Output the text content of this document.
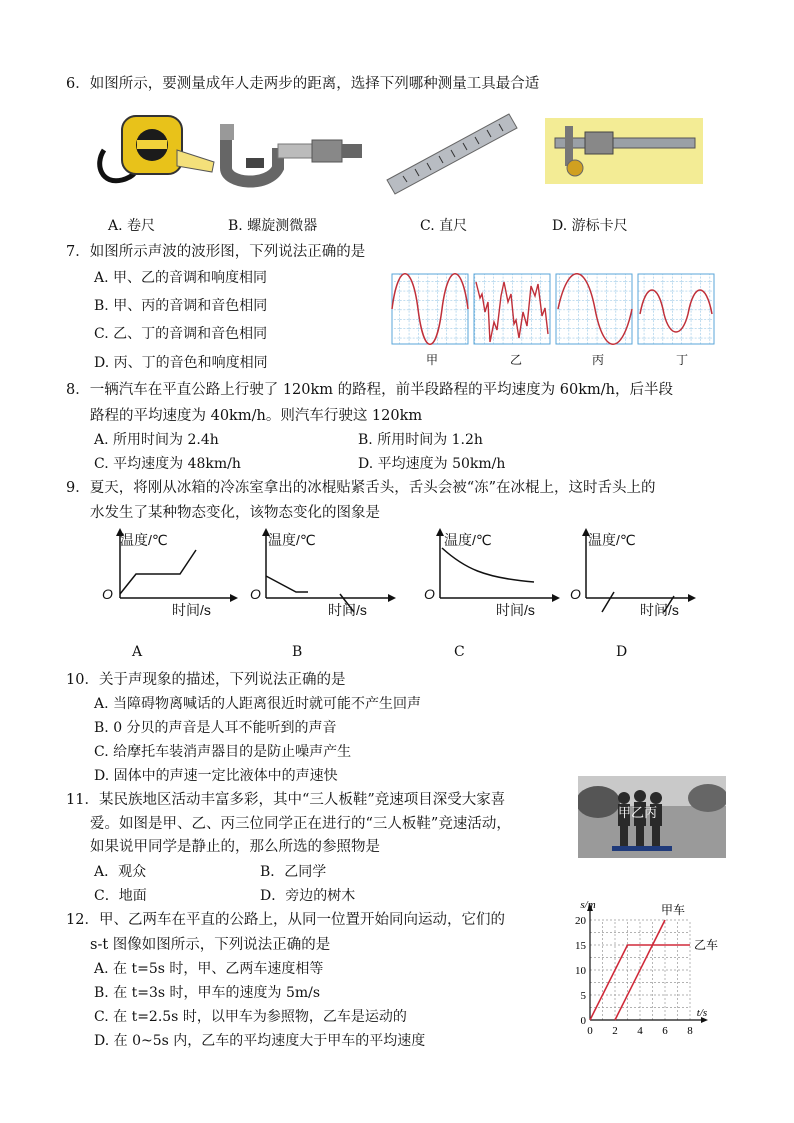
6．如图所示，要测量成年人走两步的距离，选择下列哪种测量工具最合适
A. 卷尺	B. 螺旋测微器	C. 直尺	D. 游标卡尺
7．如图所示声波的波形图，下列说法正确的是
A. 甲、乙的音调和响度相同
B. 甲、丙的音调和音色相同
C. 乙、丁的音调和音色相同
D. 丙、丁的音色和响度相同	甲	乙	丙	丁
8．一辆汽车在平直公路上行驶了 120km 的路程，前半段路程的平均速度为 60km/h，后半段
路程的平均速度为 40km/h。则汽车行驶这 120km
A. 所用时间为 2.4h	B. 所用时间为 1.2h
C. 平均速度为 48km/h	D. 平均速度为 50km/h
9．夏天，将刚从冰箱的冷冻室拿出的冰棍贴紧舌头，舌头会被“冻”在冰棍上，这时舌头上的
水发生了某种物态变化，该物态变化的图象是
温度/℃
O
时间/s
温度/℃
O
时间/s
温度/℃
O
时间/s
温度/℃
O
时间/s
A	B	C	D
10．关于声现象的描述，下列说法正确的是
A. 当障碍物离喊话的人距离很近时就可能不产生回声
B. 0 分贝的声音是人耳不能听到的声音
C. 给摩托车装消声器目的是防止噪声产生
D. 固体中的声速一定比液体中的声速快
11．某民族地区活动丰富多彩，其中“三人板鞋”竞速项目深受大家喜
爱。如图是甲、乙、丙三位同学正在进行的“三人板鞋”竞速活动，
如果说甲同学是静止的，那么所选的参照物是
A．观众	B．乙同学
C．地面	D．旁边的树木
甲乙丙
12．甲、乙两车在平直的公路上，从同一位置开始同向运动，它们的
s-t 图像如图所示，下列说法正确的是
A. 在 t=5s 时，甲、乙两车速度相等
B. 在 t=3s 时，甲车的速度为 5m/s
C. 在 t=2.5s 时，以甲车为参照物，乙车是运动的
D. 在 0~5s 内，乙车的平均速度大于甲车的平均速度
0 2 4 6 8
0
5
10
15
20
s/m
t/s
甲车
乙车
